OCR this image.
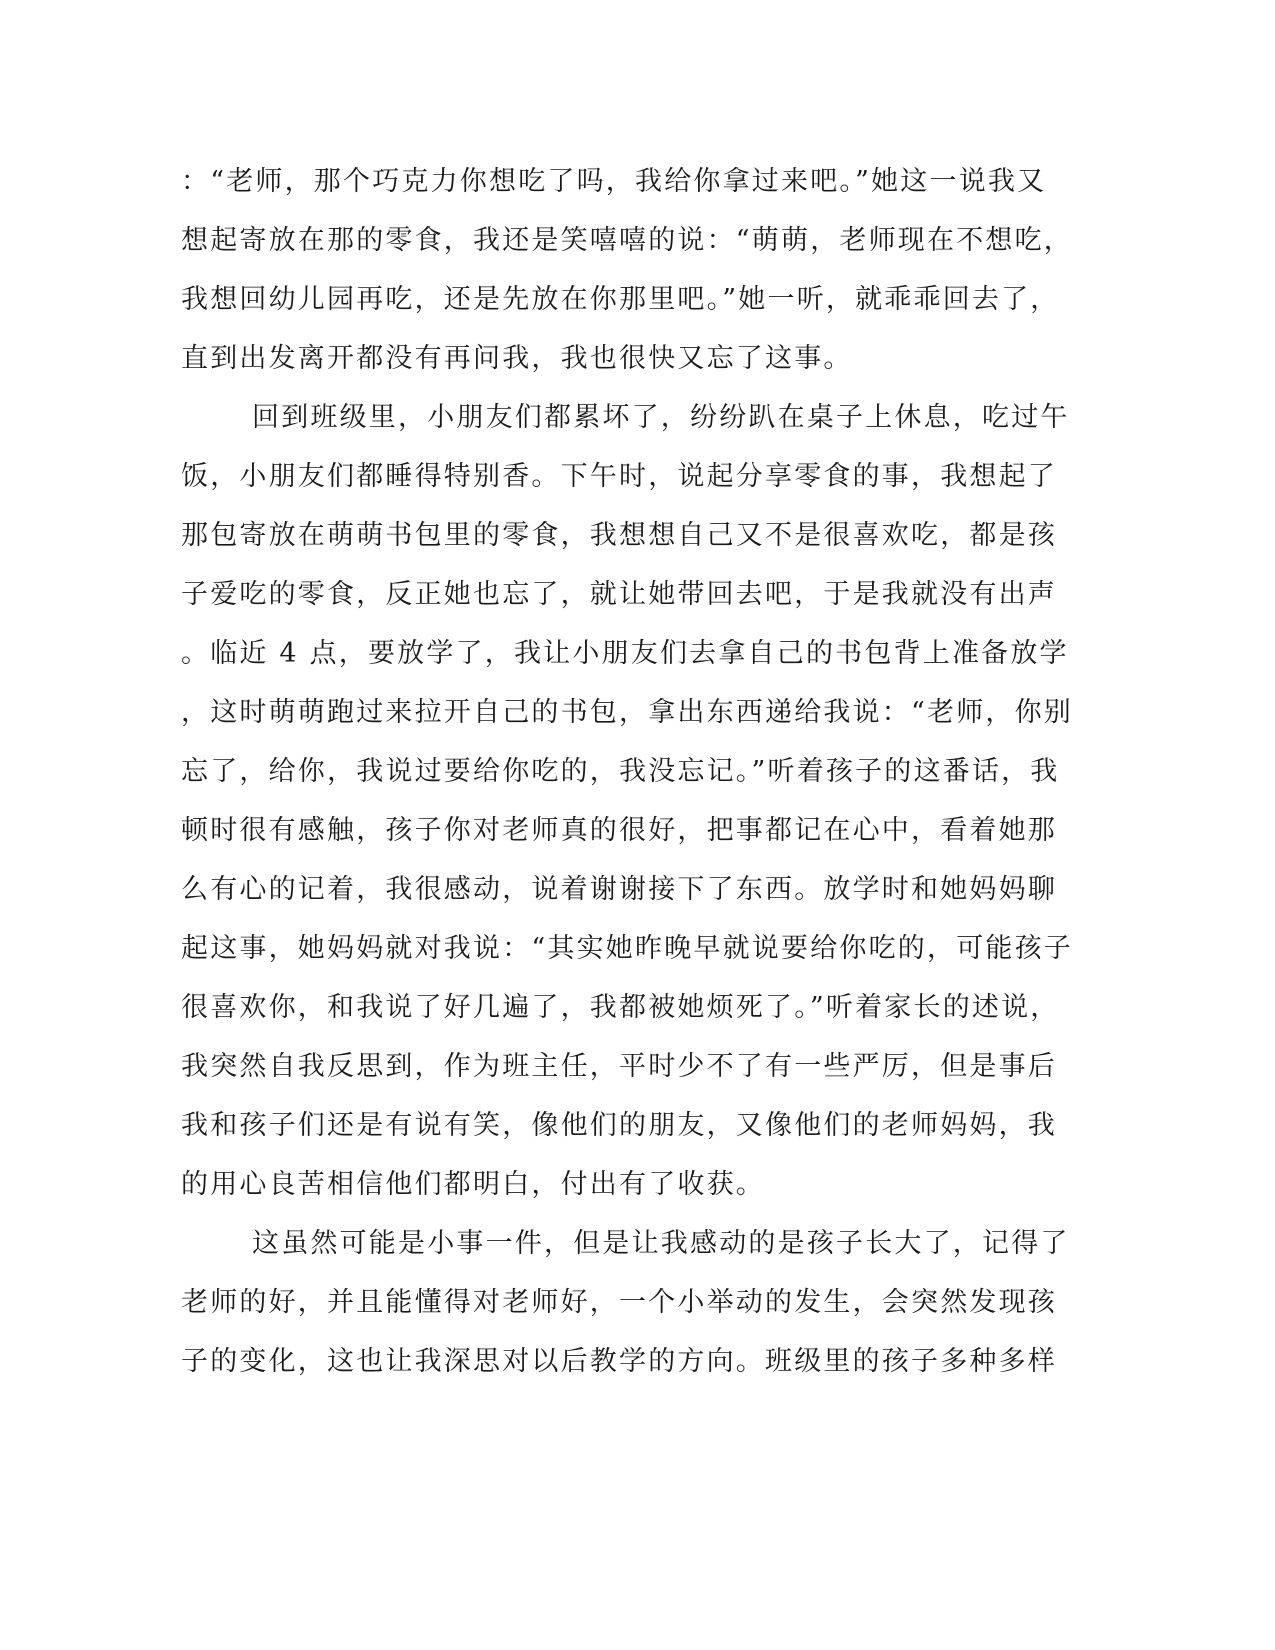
：“老师，那个巧克力你想吃了吗，我给你拿过来吧。”她这一说我又
想起寄放在那的零食，我还是笑嘻嘻的说：“萌萌，老师现在不想吃，
我想回幼儿园再吃，还是先放在你那里吧。”她一听，就乖乖回去了，
直到出发离开都没有再问我，我也很快又忘了这事。
回到班级里，小朋友们都累坏了，纷纷趴在桌子上休息，吃过午
饭，小朋友们都睡得特别香。下午时，说起分享零食的事，我想起了
那包寄放在萌萌书包里的零食，我想想自己又不是很喜欢吃，都是孩
子爱吃的零食，反正她也忘了，就让她带回去吧，于是我就没有出声
。临近 4 点，要放学了，我让小朋友们去拿自己的书包背上准备放学
，这时萌萌跑过来拉开自己的书包，拿出东西递给我说：“老师，你别
忘了，给你，我说过要给你吃的，我没忘记。”听着孩子的这番话，我
顿时很有感触，孩子你对老师真的很好，把事都记在心中，看着她那
么有心的记着，我很感动，说着谢谢接下了东西。放学时和她妈妈聊
起这事，她妈妈就对我说：“其实她昨晚早就说要给你吃的，可能孩子
很喜欢你，和我说了好几遍了，我都被她烦死了。”听着家长的述说，
我突然自我反思到，作为班主任，平时少不了有一些严厉，但是事后
我和孩子们还是有说有笑，像他们的朋友，又像他们的老师妈妈，我
的用心良苦相信他们都明白，付出有了收获。
这虽然可能是小事一件，但是让我感动的是孩子长大了，记得了
老师的好，并且能懂得对老师好，一个小举动的发生，会突然发现孩
子的变化，这也让我深思对以后教学的方向。班级里的孩子多种多样
